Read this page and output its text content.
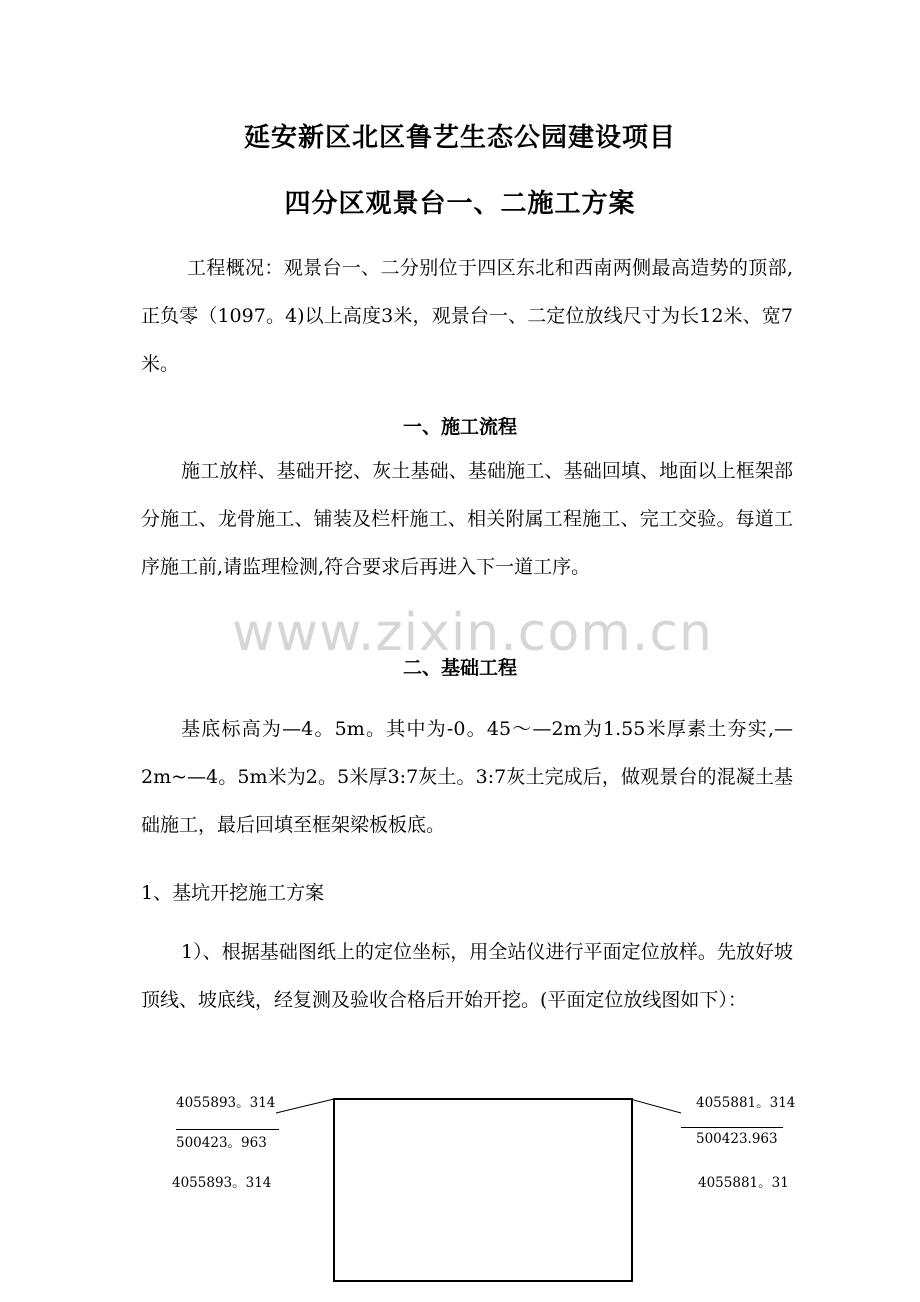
延安新区北区鲁艺生态公园建设项目
四分区观景台一、二施工方案
工程概况：观景台一、二分别位于四区东北和西南两侧最高造势的顶部,正负零（1097。4)以上高度3米，观景台一、二定位放线尺寸为长12米、宽7米。
一、施工流程
施工放样、基础开挖、灰土基础、基础施工、基础回填、地面以上框架部分施工、龙骨施工、铺装及栏杆施工、相关附属工程施工、完工交验。每道工序施工前,请监理检测,符合要求后再进入下一道工序。
www.zixin.com.cn
二、基础工程
基底标高为—4。5m。其中为-0。45～—2m为1.55米厚素土夯实,—2m~—4。5m米为2。5米厚3:7灰土。3:7灰土完成后，做观景台的混凝土基础施工，最后回填至框架梁板板底。
1、基坑开挖施工方案
1）、根据基础图纸上的定位坐标，用全站仪进行平面定位放样。先放好坡顶线、坡底线，经复测及验收合格后开始开挖。(平面定位放线图如下）：
4055893。314
500423。963
4055893。314
4055881。314
500423.963
4055881。31
